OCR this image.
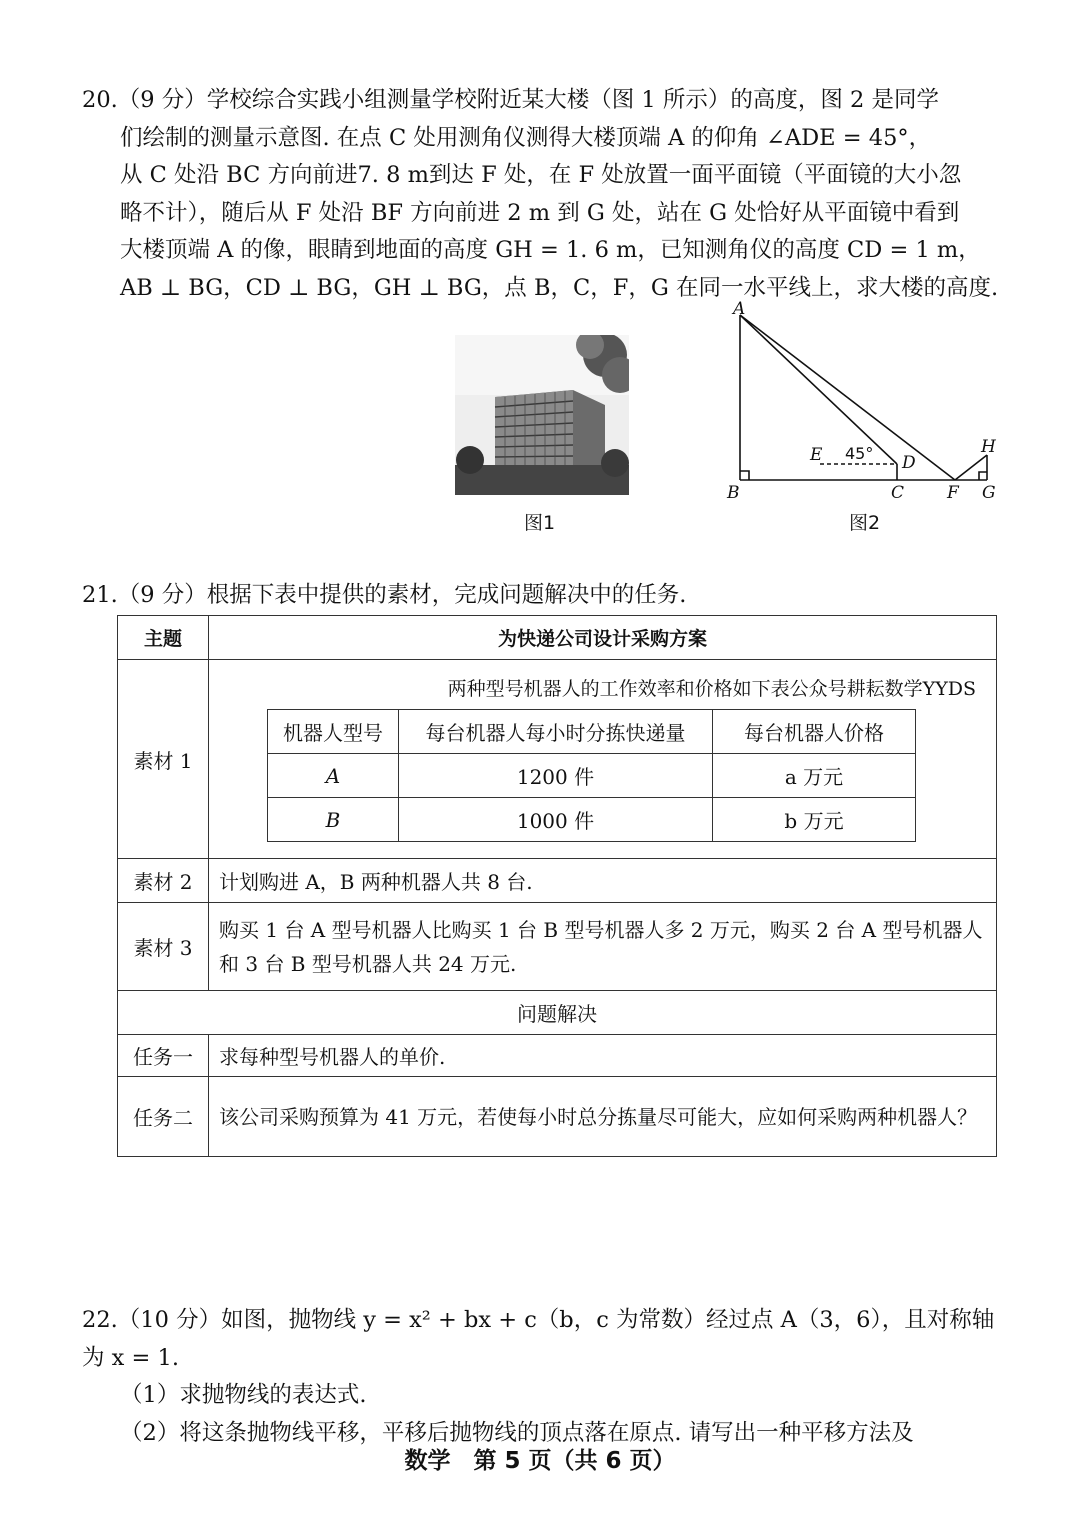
20.（9 分）学校综合实践小组测量学校附近某大楼（图 1 所示）的高度，图 2 是同学

们绘制的测量示意图. 在点 C 处用测角仪测得大楼顶端 A 的仰角 ∠ADE = 45°，

从 C 处沿 BC 方向前进7. 8 m到达 F 处，在 F 处放置一面平面镜（平面镜的大小忽

略不计），随后从 F 处沿 BF 方向前进 2 m 到 G 处，站在 G 处恰好从平面镜中看到

大楼顶端 A 的像，眼睛到地面的高度 GH = 1. 6 m，已知测角仪的高度 CD = 1 m，

AB ⊥ BG，CD ⊥ BG，GH ⊥ BG，点 B，C，F，G 在同一水平线上，求大楼的高度.

图1
A
B	C
D
E
F G
H
45°
图2

21.（9 分）根据下表中提供的素材，完成问题解决中的任务.

主题	为快递公司设计采购方案
素材 1	
两种型号机器人的工作效率和价格如下表公众号耕耘数学YYDS
机器人型号	每台机器人每小时分拣快递量	每台机器人价格
A	1200 件	a 万元
B	1000 件	b 万元

素材 2	计划购进 A，B 两种机器人共 8 台.
素材 3	购买 1 台 A 型号机器人比购买 1 台 B 型号机器人多 2 万元，购买 2 台 A 型号机器人和 3 台 B 型号机器人共 24 万元.
问题解决
任务一	求每种型号机器人的单价.
任务二	该公司采购预算为 41 万元，若使每小时总分拣量尽可能大，应如何采购两种机器人？

22.（10 分）如图，抛物线 y = x² + bx + c（b，c 为常数）经过点 A（3，6），且对称轴为 x = 1.

（1）求抛物线的表达式.

（2）将这条抛物线平移，平移后抛物线的顶点落在原点. 请写出一种平移方法及

数学　第 5 页（共 6 页）
